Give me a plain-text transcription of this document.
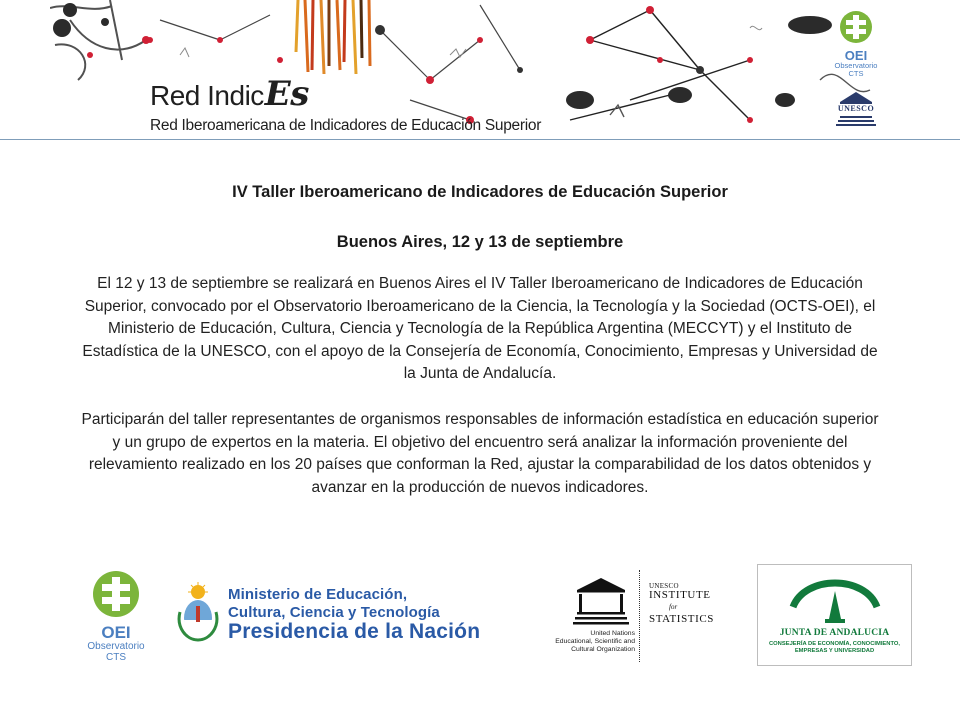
Red IndicEs
Red Iberoamericana de Indicadores de Educación Superior
OEI
Observatorio
CTS
UNESCO
IV Taller Iberoamericano de Indicadores de Educación Superior
Buenos Aires, 12 y 13 de septiembre

El 12 y 13 de septiembre se realizará en Buenos Aires el IV Taller Iberoamericano de Indicadores de Educación Superior, convocado por el Observatorio Iberoamericano de la Ciencia, la Tecnología y la Sociedad (OCTS-OEI), el Ministerio de Educación, Cultura, Ciencia y Tecnología de la República Argentina (MECCYT) y el Instituto de Estadística de la UNESCO, con el apoyo de la Consejería de Economía, Conocimiento, Empresas y Universidad de la Junta de Andalucía.

Participarán del taller representantes de organismos responsables de información estadística en educación superior y un grupo de expertos en la materia. El objetivo del encuentro será analizar la información proveniente del relevamiento realizado en los 20 países que conforman la Red, ajustar la comparabilidad de los datos obtenidos y avanzar en la producción de nuevos indicadores.

OEI
Observatorio
CTS
Ministerio de Educación,
Cultura, Ciencia y Tecnología
Presidencia de la Nación	United Nations
Educational, Scientific and
Cultural Organization
UNESCO
INSTITUTE
for
STATISTICS
JUNTA DE ANDALUCIA
CONSEJERÍA DE ECONOMÍA, CONOCIMIENTO,
EMPRESAS Y UNIVERSIDAD
